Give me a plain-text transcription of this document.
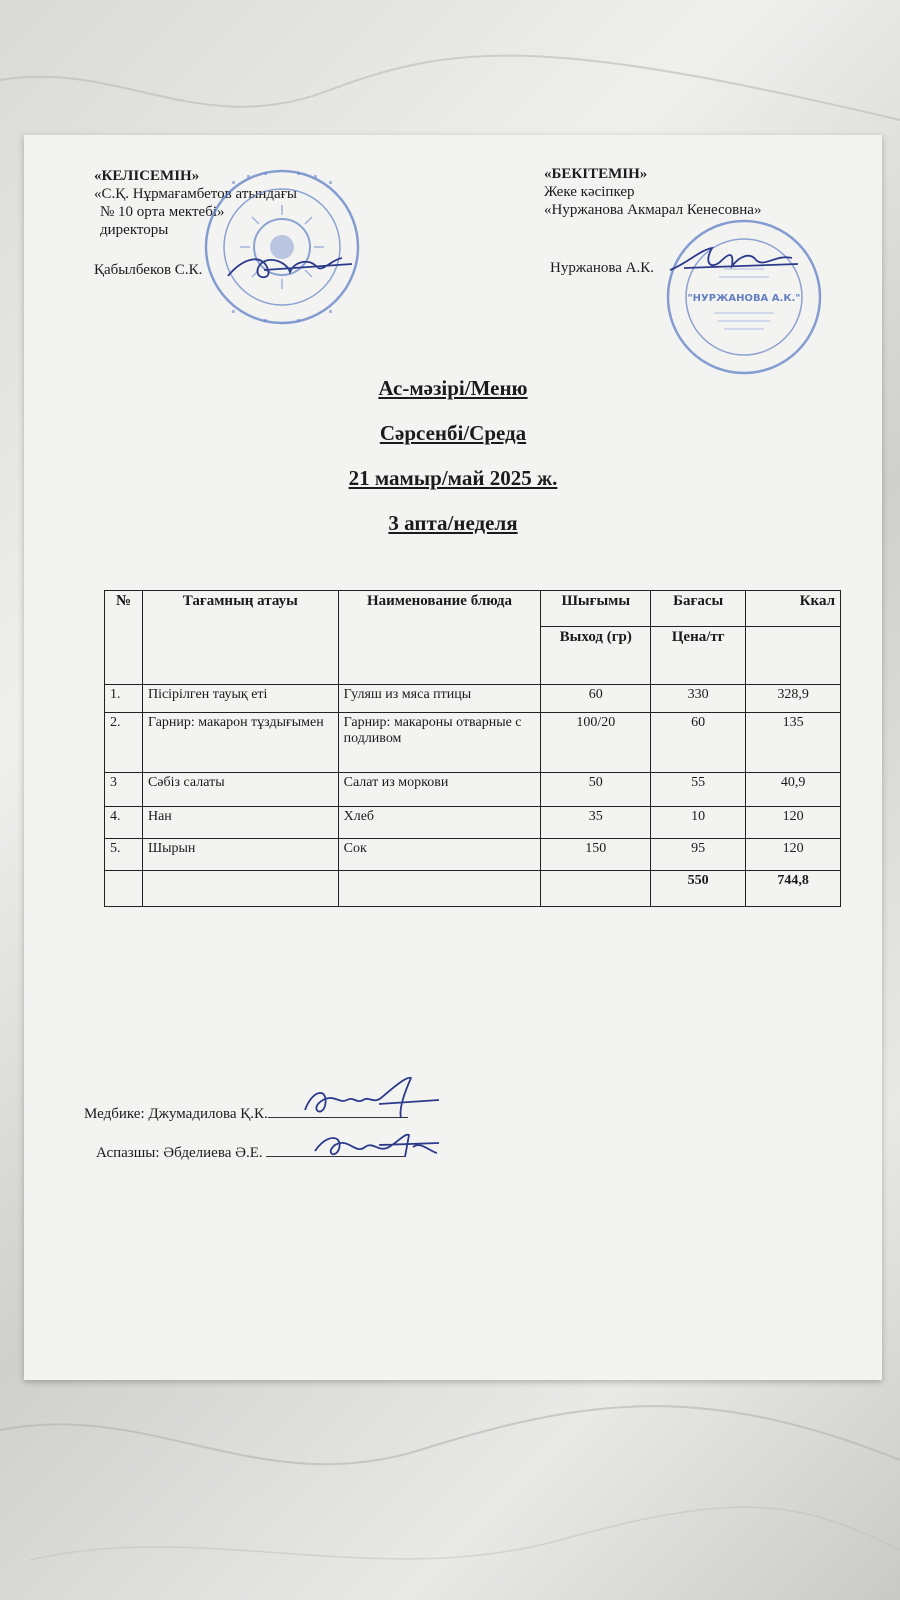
«КЕЛІСЕМІН»
«С.Қ. Нұрмағамбетов атындағы
№ 10 орта мектебі»
директоры
Қабылбеков С.К.
«БЕКІТЕМІН»
Жеке кәсіпкер
«Нуржанова Акмарал Кенесовна»
Нуржанова А.К.
"НУРЖАНОВА А.К."
Ас-мәзірі/Меню
Сәрсенбі/Среда
21 мамыр/май 2025 ж.
3 апта/неделя
№	Тағамның атауы	Наименование блюда	Шығымы	Бағасы	Ккал
			Выход (гр)	Цена/тг	
1.	Пісірілген тауық еті	Гуляш из мяса птицы	60	330	328,9
2.	Гарнир: макарон тұздығымен	Гарнир: макароны отварные с подливом	100/20	60	135
3	Сәбіз салаты	Салат из моркови	50	55	40,9
4.	Нан	Хлеб	35	10	120
5.	Шырын	Сок	150	95	120
				550	744,8
Медбике: Джумадилова Қ.К.
Аспазшы: Әбделиева Ә.Е.
